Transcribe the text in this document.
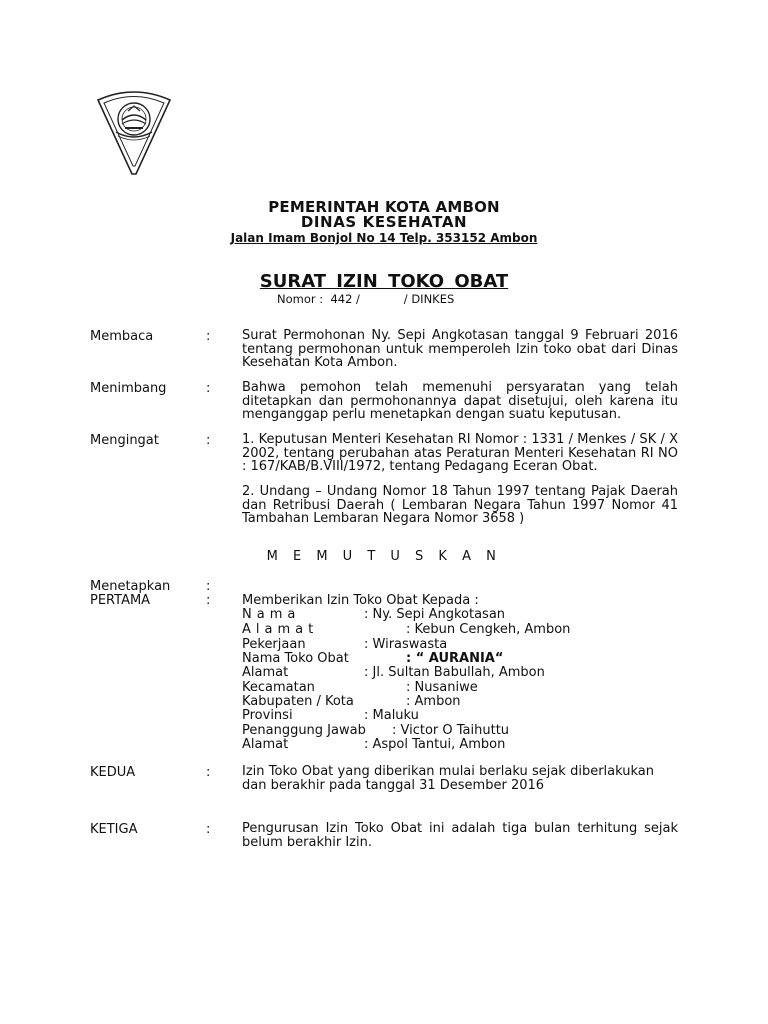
PEMERINTAH KOTA AMBON
DINAS KESEHATAN
Jalan Imam Bonjol No 14 Telp. 353152 Ambon
SURAT IZIN TOKO OBAT
Nomor :  442 /            / DINKES
Membaca	: Surat Permohonan Ny. Sepi Angkotasan tanggal 9 Februari 2016 tentang permohonan untuk memperoleh Izin toko obat dari Dinas Kesehatan Kota Ambon.
Menimbang	: Bahwa pemohon telah memenuhi persyaratan yang telah ditetapkan dan permohonannya dapat disetujui, oleh karena itu menganggap perlu menetapkan dengan suatu keputusan.
Mengingat	: 1. Keputusan Menteri Kesehatan RI Nomor : 1331 / Menkes / SK / X 2002, tentang perubahan atas Peraturan Menteri Kesehatan RI NO : 167/KAB/B.VIII/1972, tentang Pedagang Eceran Obat.
2. Undang – Undang Nomor 18 Tahun 1997 tentang Pajak Daerah dan Retribusi Daerah ( Lembaran Negara Tahun 1997 Nomor 41 Tambahan Lembaran Negara Nomor 3658 )
M E M U T U S K A N
Menetapkan	:
PERTAMA	: Memberikan Izin Toko Obat Kepada :
Nama	: Ny. Sepi Angkotasan
Alamat	: Kebun Cengkeh, Ambon
Pekerjaan	: Wiraswasta
Nama Toko Obat	: “ AURANIA“
Alamat	: Jl. Sultan Babullah, Ambon
Kecamatan	: Nusaniwe
Kabupaten / Kota	: Ambon
Provinsi	: Maluku
Penanggung Jawab : Victor O Taihuttu
Alamat	: Aspol Tantui, Ambon
KEDUA	: Izin Toko Obat yang diberikan mulai berlaku sejak diberlakukan dan berakhir pada tanggal 31 Desember 2016
KETIGA	: Pengurusan Izin Toko Obat ini adalah tiga bulan terhitung sejak belum berakhir Izin.
